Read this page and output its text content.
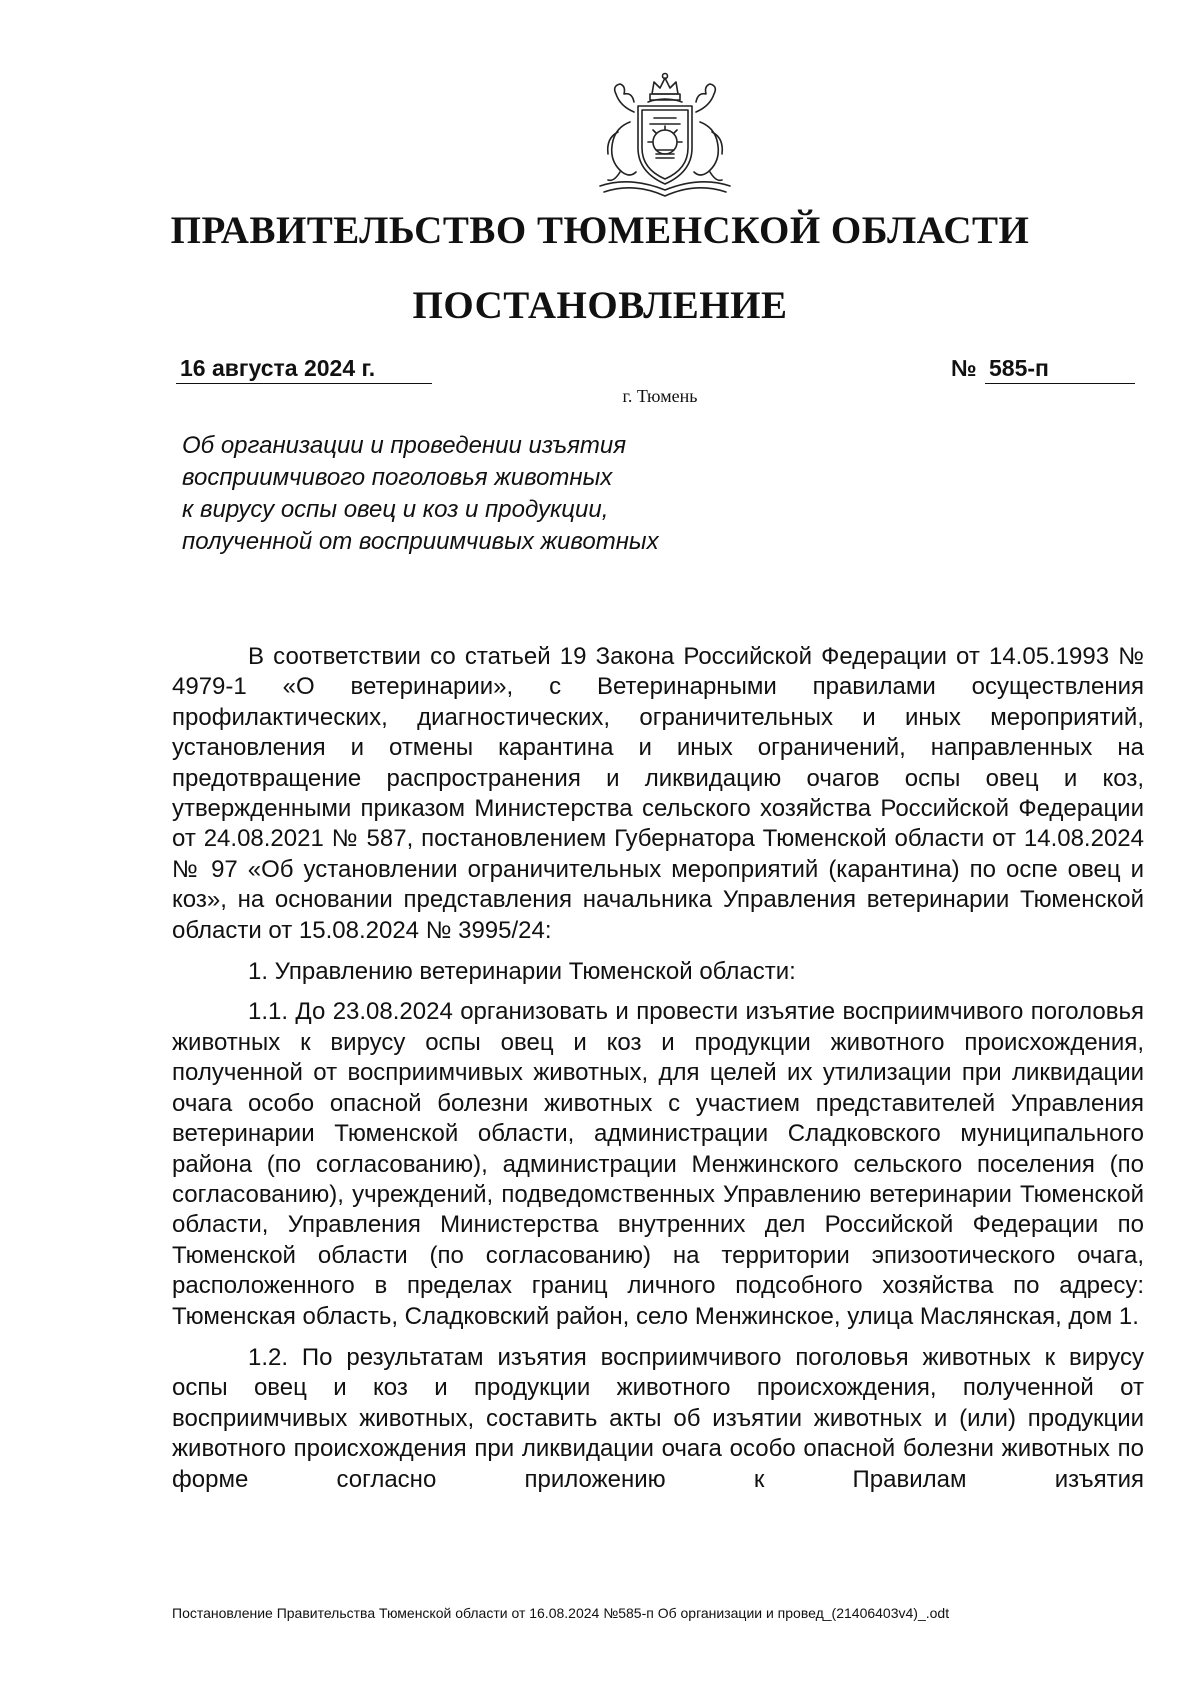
ПРАВИТЕЛЬСТВО ТЮМЕНСКОЙ ОБЛАСТИ
ПОСТАНОВЛЕНИЕ
16 августа 2024 г.	№ 585-п
г. Тюмень
Об организации и проведении изъятия
восприимчивого поголовья животных
к вирусу оспы овец и коз и продукции,
полученной от восприимчивых животных

В соответствии со статьей 19 Закона Российской Федерации от 14.05.1993 № 4979-1 «О ветеринарии», с Ветеринарными правилами осуществления профилактических, диагностических, ограничительных и иных мероприятий, установления и отмены карантина и иных ограничений, направленных на предотвращение распространения и ликвидацию очагов оспы овец и коз, утвержденными приказом Министерства сельского хозяйства Российской Федерации от 24.08.2021 № 587, постановлением Губернатора Тюменской области от 14.08.2024 № 97 «Об установлении ограничительных мероприятий (карантина) по оспе овец и коз», на основании представления начальника Управления ветеринарии Тюменской области от 15.08.2024 № 3995/24:

1. Управлению ветеринарии Тюменской области:

1.1. До 23.08.2024 организовать и провести изъятие восприимчивого поголовья животных к вирусу оспы овец и коз и продукции животного происхождения, полученной от восприимчивых животных, для целей их утилизации при ликвидации очага особо опасной болезни животных с участием представителей Управления ветеринарии Тюменской области, администрации Сладковского муниципального района (по согласованию), администрации Менжинского сельского поселения (по согласованию), учреждений, подведомственных Управлению ветеринарии Тюменской области, Управления Министерства внутренних дел Российской Федерации по Тюменской области (по согласованию) на территории эпизоотического очага, расположенного в пределах границ личного подсобного хозяйства по адресу: Тюменская область, Сладковский район, село Менжинское, улица Маслянская, дом 1.

1.2. По результатам изъятия восприимчивого поголовья животных к вирусу оспы овец и коз и продукции животного происхождения, полученной от восприимчивых животных, составить акты об изъятии животных и (или) продукции животного происхождения при ликвидации очага особо опасной болезни животных по форме согласно приложению к Правилам изъятия

Постановление Правительства Тюменской области от 16.08.2024 №585-п Об организации и провед_(21406403v4)_.odt
